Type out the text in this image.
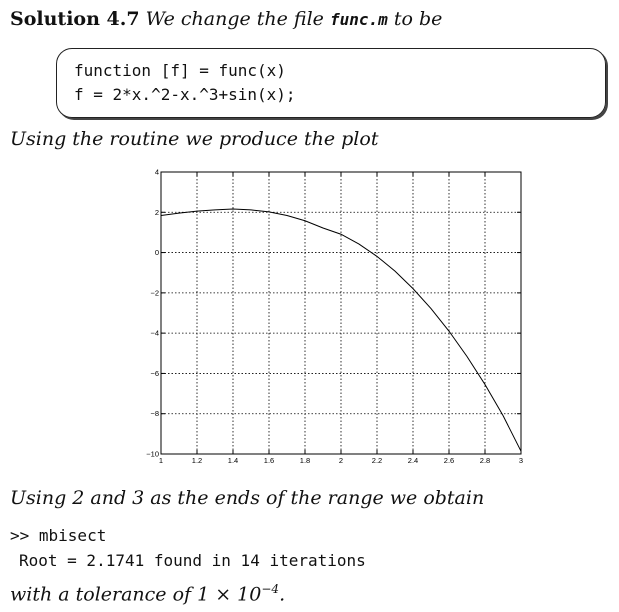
Solution 4.7 We change the file func.m to be
function [f] = func(x)
f = 2*x.^2-x.^3+sin(x);
Using the routine we produce the plot
1	1.2	1.4	1.6	1.8	2	2.2	2.4	2.6	2.8	3
−10
−8
−6
−4
−2
0
2
4
Using 2 and 3 as the ends of the range we obtain
>> mbisect
Root = 2.1741 found in 14 iterations
with a tolerance of $1 \times 10^{-4}$.
